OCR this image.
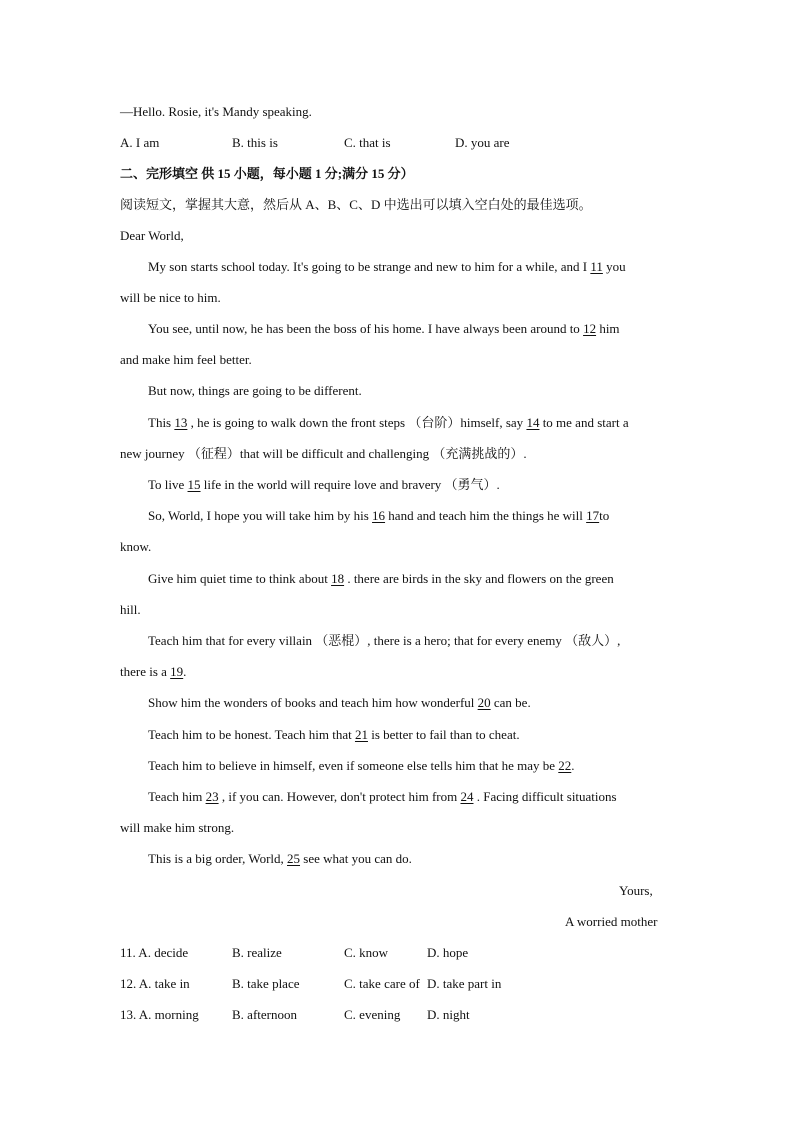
—Hello. Rosie, it's Mandy speaking.
A. I am	B. this is	C. that is	D. you are
二、完形填空 供 15 小题，每小题 1 分;满分 15 分）
阅读短文，掌握其大意，然后从 A、B、C、D 中选出可以填入空白处的最佳选项。
Dear World,
My son starts school today. It's going to be strange and new to him for a while, and I 11 you
will be nice to him.
You see, until now, he has been the boss of his home. I have always been around to 12 him
and make him feel better.
But now, things are going to be different.
This 13 , he is going to walk down the front steps （台阶）himself, say 14 to me and start a
new journey （征程）that will be difficult and challenging （充满挑战的）.
To live 15 life in the world will require love and bravery （勇气）.
So, World, I hope you will take him by his 16 hand and teach him the things he will 17to
know.
Give him quiet time to think about 18 . there are birds in the sky and flowers on the green
hill.
Teach him that for every villain （恶棍）, there is a hero; that for every enemy （敌人）,
there is a 19.
Show him the wonders of books and teach him how wonderful 20 can be.
Teach him to be honest. Teach him that 21 is better to fail than to cheat.
Teach him to believe in himself, even if someone else tells him that he may be 22.
Teach him 23 , if you can. However, don't protect him from 24 . Facing difficult situations
will make him strong.
This is a big order, World, 25 see what you can do.
Yours,
A worried mother
11. A. decide	B. realize	C. know	D. hope
12. A. take in	B. take place	C. take care of D. take part in
13. A. morning	B. afternoon	C. evening D. night
